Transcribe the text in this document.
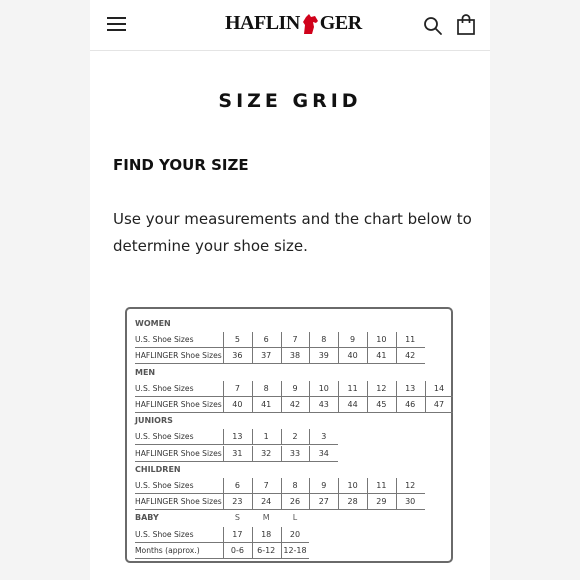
HAFLIN GER
SIZE GRID
FIND YOUR SIZE
Use your measurements and the chart below to determine your shoe size.
WOMEN
U.S. Shoe Sizes	5	6	7	8	9	10	11
HAFLINGER Shoe Sizes	36	37	38	39	40	41	42
MEN
U.S. Shoe Sizes	7	8	9	10	11	12	13	14
HAFLINGER Shoe Sizes	40	41	42	43	44	45	46	47
JUNIORS
U.S. Shoe Sizes	13	1	2	3
HAFLINGER Shoe Sizes	31	32	33	34
CHILDREN
U.S. Shoe Sizes	6	7	8	9	10	11	12
HAFLINGER Shoe Sizes	23	24	26	27	28	29	30
BABY	S	M	L
U.S. Shoe Sizes	17	18	20
Months (approx.)	0-6	6-12	12-18
